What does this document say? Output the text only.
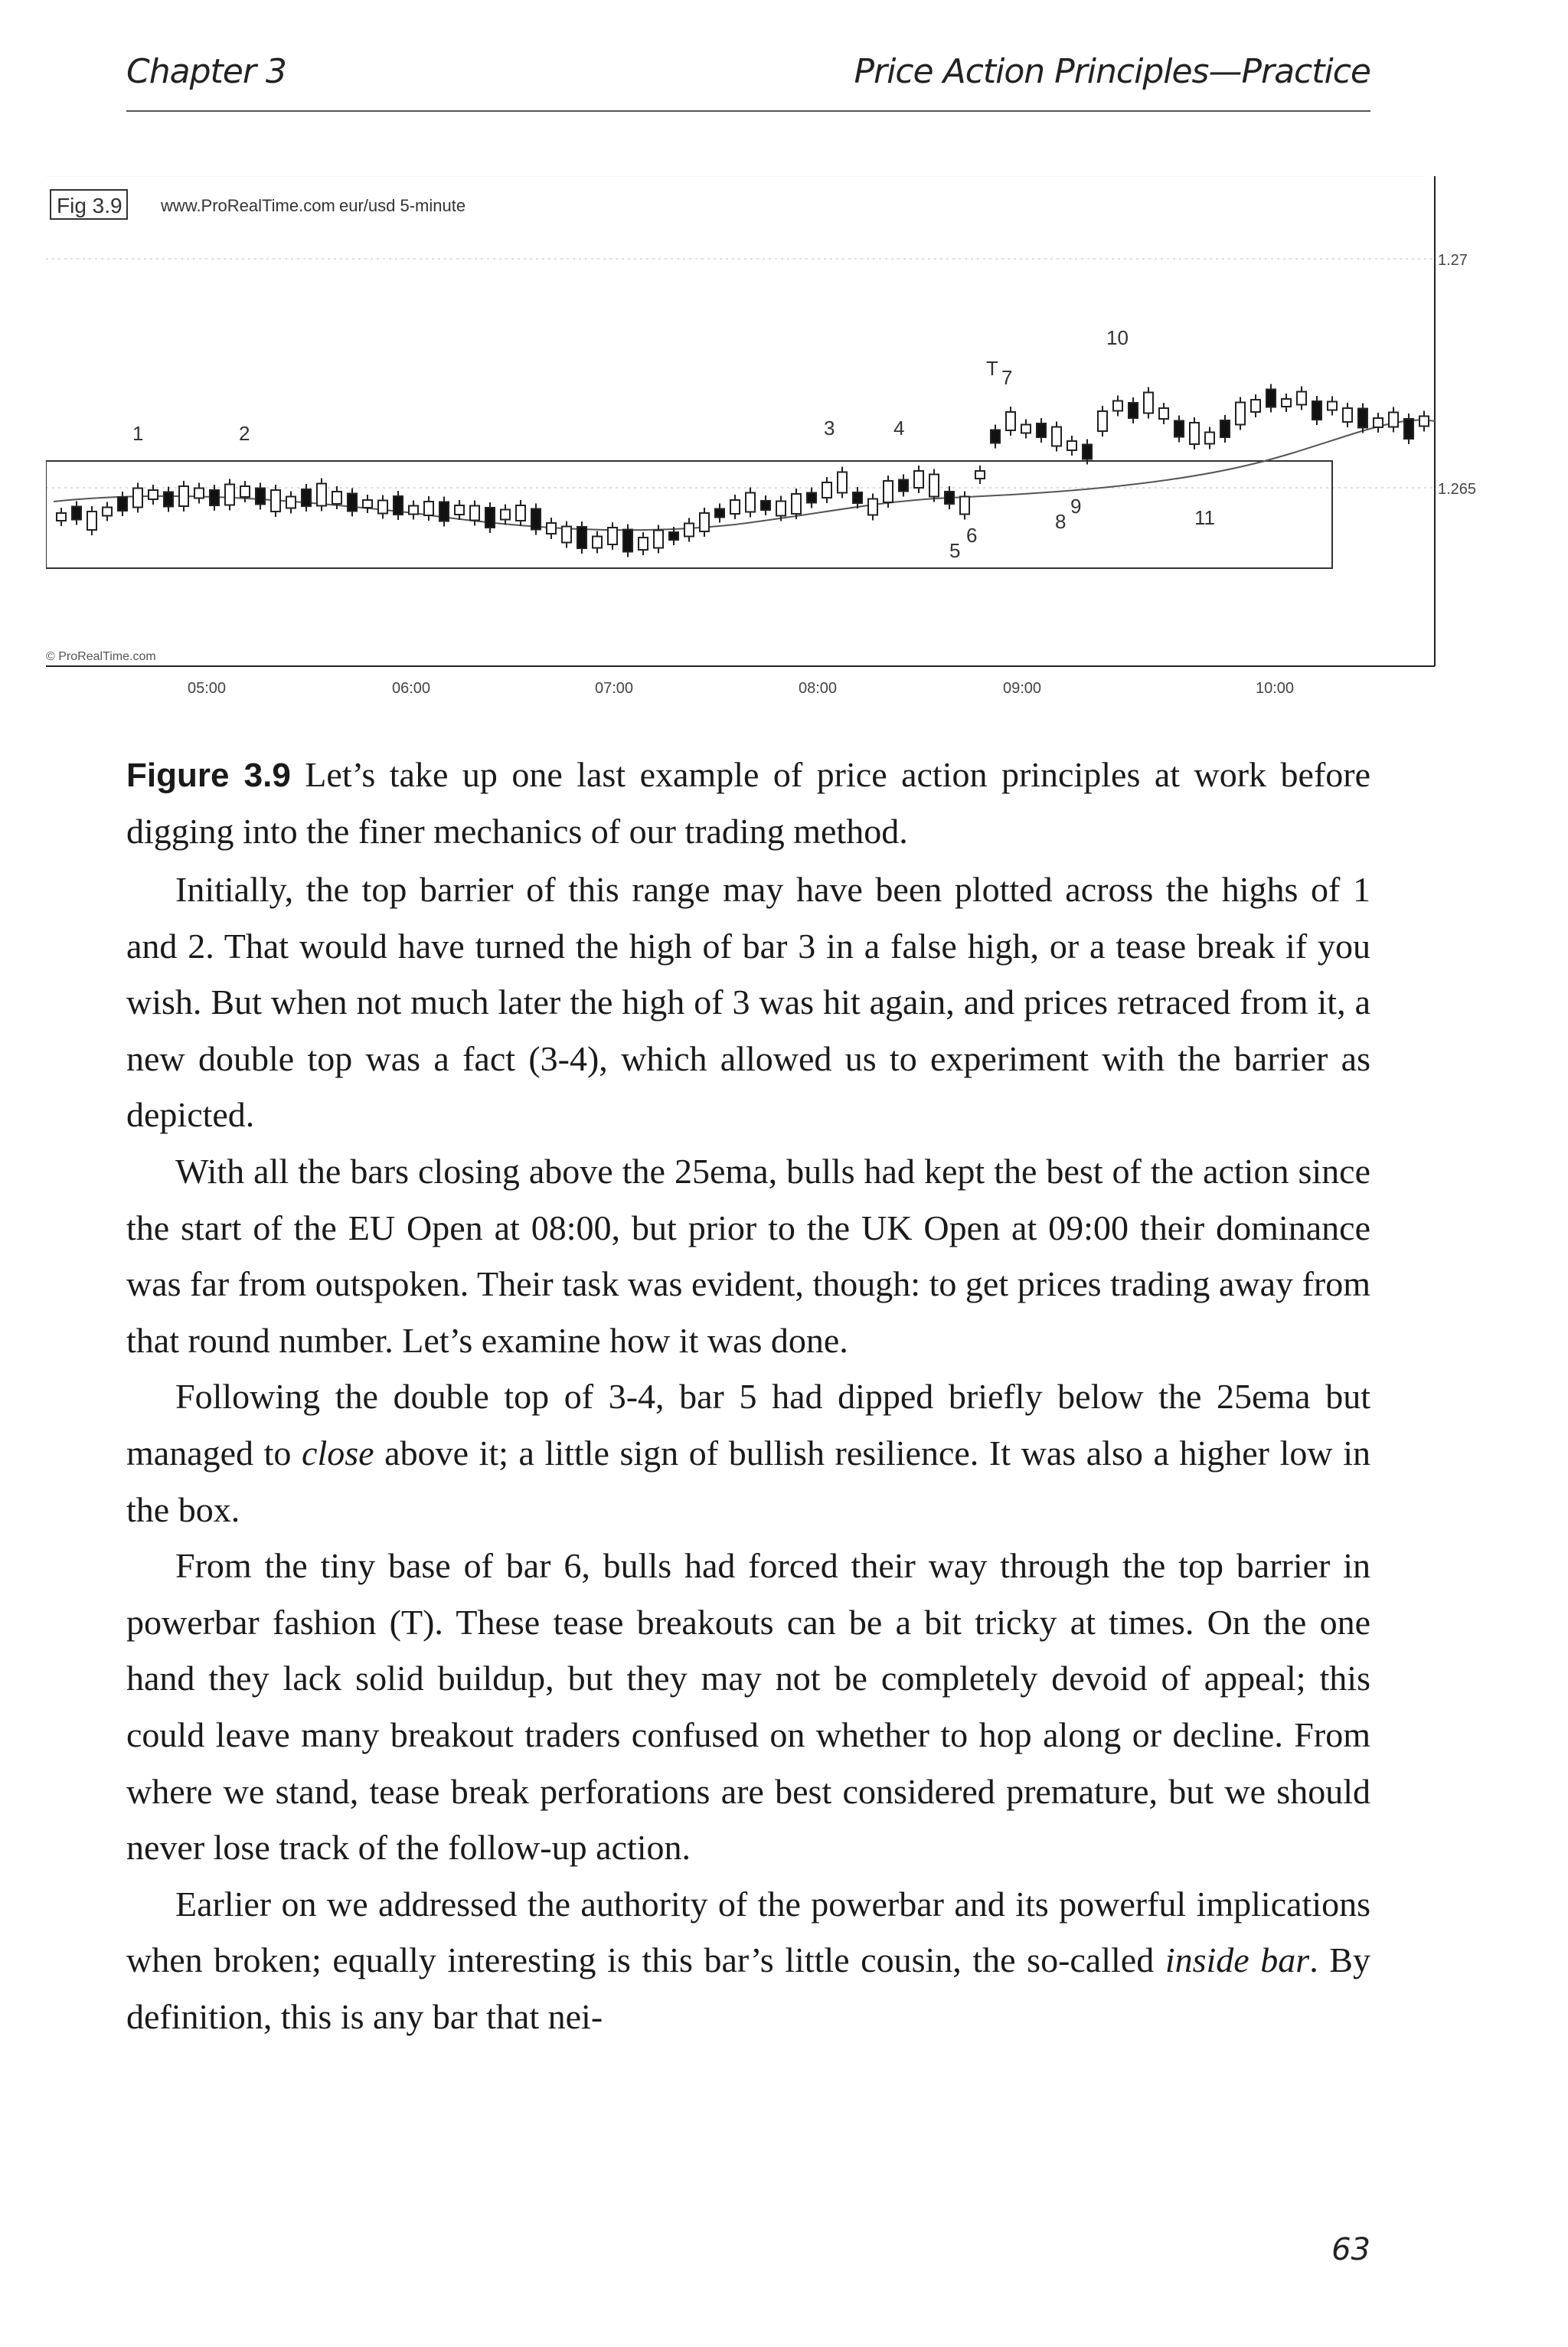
Chapter 3	Price Action Principles—Practice
Fig 3.9 www.ProRealTime.com eur/usd 5-minute
1.27
1.265
05:00	06:00	07:00	08:00	09:00	10:00
© ProRealTime.com
1	2	3	4
5
6
T 7
8
9
10
11
Figure 3.9 Let’s take up one last example of price action principles at work before digging into the finer mechanics of our trading method.

Initially, the top barrier of this range may have been plotted across the highs of 1 and 2. That would have turned the high of bar 3 in a false high, or a tease break if you wish. But when not much later the high of 3 was hit again, and prices retraced from it, a new double top was a fact (3-4), which allowed us to experiment with the barrier as depicted.

With all the bars closing above the 25ema, bulls had kept the best of the action since the start of the EU Open at 08:00, but prior to the UK Open at 09:00 their dominance was far from outspoken. Their task was evident, though: to get prices trading away from that round number. Let’s examine how it was done.

Following the double top of 3-4, bar 5 had dipped briefly below the 25ema but managed to close above it; a little sign of bullish resilience. It was also a higher low in the box.

From the tiny base of bar 6, bulls had forced their way through the top barrier in powerbar fashion (T). These tease breakouts can be a bit tricky at times. On the one hand they lack solid buildup, but they may not be completely devoid of appeal; this could leave many breakout traders confused on whether to hop along or decline. From where we stand, tease break perforations are best considered premature, but we should never lose track of the follow-up action.

Earlier on we addressed the authority of the powerbar and its powerful implications when broken; equally interesting is this bar’s little cousin, the so-called inside bar. By definition, this is any bar that nei-

63
